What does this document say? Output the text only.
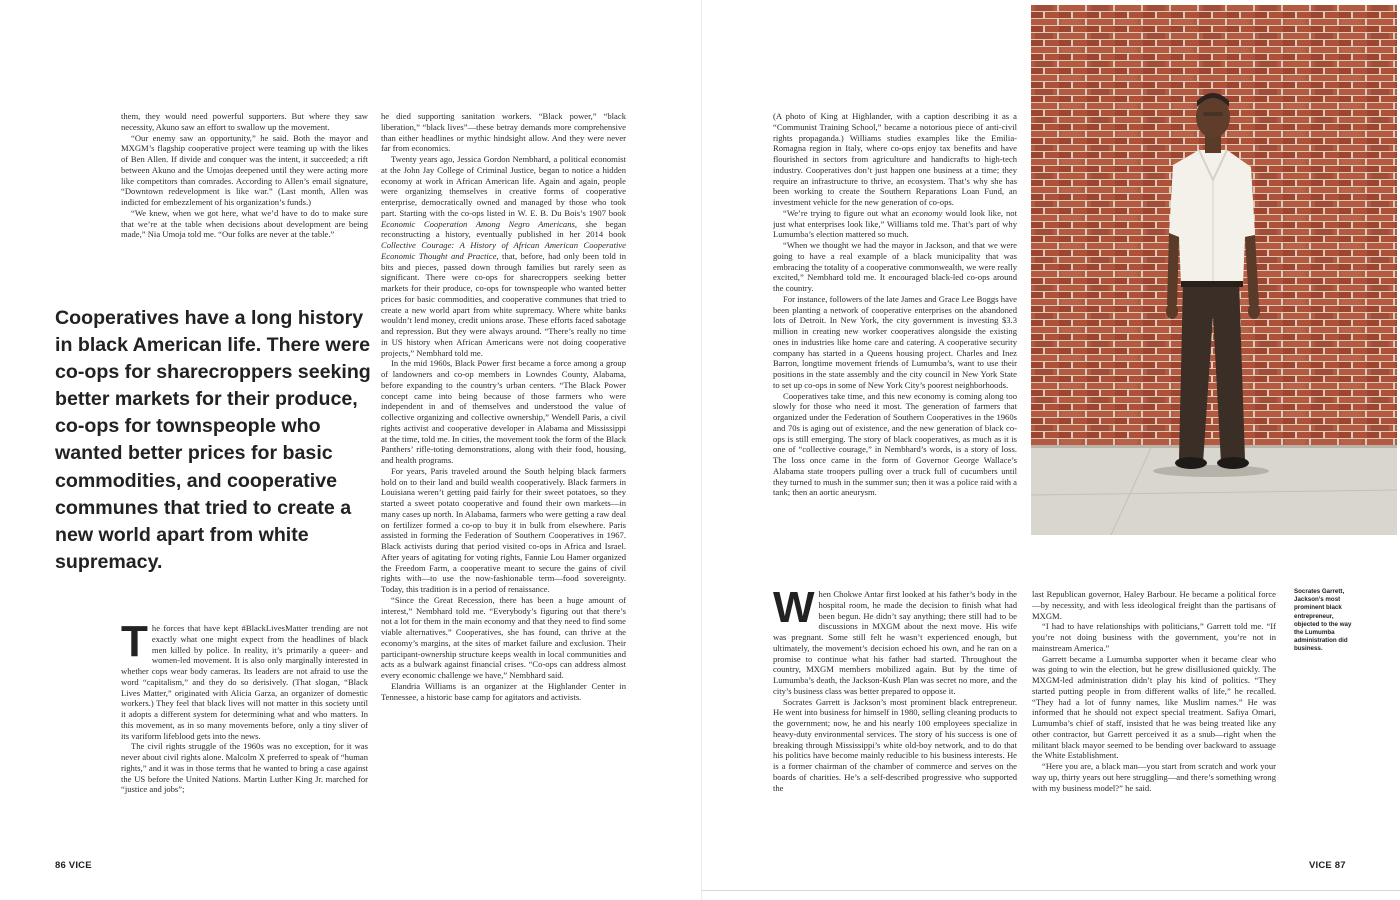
them, they would need powerful supporters. But where they saw necessity, Akuno saw an effort to swallow up the movement.

“Our enemy saw an opportunity,” he said. Both the mayor and MXGM’s flagship cooperative project were teaming up with the likes of Ben Allen. If divide and conquer was the intent, it succeeded; a rift between Akuno and the Umojas deepened until they were acting more like competitors than comrades. According to Allen’s email signature, “Downtown redevelopment is like war.” (Last month, Allen was indicted for embezzlement of his organization’s funds.)

“We knew, when we got here, what we’d have to do to make sure that we’re at the table when decisions about development are being made,” Nia Umoja told me. “Our folks are never at the table.”

Cooperatives have a long history in black American life. There were co-ops for sharecroppers seeking better markets for their produce, co-ops for townspeople who wanted better prices for basic commodities, and cooperative communes that tried to create a new world apart from white supremacy.

The forces that have kept #BlackLivesMatter trending are not exactly what one might expect from the headlines of black men killed by police. In reality, it’s primarily a queer- and women-led movement. It is also only marginally interested in whether cops wear body cameras. Its leaders are not afraid to use the word “capitalism,” and they do so derisively. (That slogan, “Black Lives Matter,” originated with Alicia Garza, an organizer of domestic workers.) They feel that black lives will not matter in this society until it adopts a different system for determining what and who matters. In this movement, as in so many movements before, only a tiny sliver of its variform lifeblood gets into the news.

The civil rights struggle of the 1960s was no exception, for it was never about civil rights alone. Malcolm X preferred to speak of “human rights,” and it was in those terms that he wanted to bring a case against the US before the United Nations. Martin Luther King Jr. marched for “justice and jobs”;

he died supporting sanitation workers. “Black power,” “black liberation,” “black lives”—these betray demands more comprehensive than either headlines or mythic hindsight allow. And they were never far from economics.

Twenty years ago, Jessica Gordon Nembhard, a political economist at the John Jay College of Criminal Justice, began to notice a hidden economy at work in African American life. Again and again, people were organizing themselves in creative forms of cooperative enterprise, democratically owned and managed by those who took part. Starting with the co-ops listed in W. E. B. Du Bois’s 1907 book Economic Cooperation Among Negro Americans, she began reconstructing a history, eventually published in her 2014 book Collective Courage: A History of African American Cooperative Economic Thought and Practice, that, before, had only been told in bits and pieces, passed down through families but rarely seen as significant. There were co-ops for sharecroppers seeking better markets for their produce, co-ops for townspeople who wanted better prices for basic commodities, and cooperative communes that tried to create a new world apart from white supremacy. Where white banks wouldn’t lend money, credit unions arose. These efforts faced sabotage and repression. But they were always around. “There’s really no time in US history when African Americans were not doing cooperative projects,” Nembhard told me.

In the mid 1960s, Black Power first became a force among a group of landowners and co-op members in Lowndes County, Alabama, before expanding to the country’s urban centers. “The Black Power concept came into being because of those farmers who were independent in and of themselves and understood the value of collective organizing and collective ownership,” Wendell Paris, a civil rights activist and cooperative developer in Alabama and Mississippi at the time, told me. In cities, the movement took the form of the Black Panthers’ rifle-toting demonstrations, along with their food, housing, and health programs.

For years, Paris traveled around the South helping black farmers hold on to their land and build wealth cooperatively. Black farmers in Louisiana weren’t getting paid fairly for their sweet potatoes, so they started a sweet potato cooperative and found their own markets—in many cases up north. In Alabama, farmers who were getting a raw deal on fertilizer formed a co-op to buy it in bulk from elsewhere. Paris assisted in forming the Federation of Southern Cooperatives in 1967. Black activists during that period visited co-ops in Africa and Israel. After years of agitating for voting rights, Fannie Lou Hamer organized the Freedom Farm, a cooperative meant to secure the gains of civil rights with—to use the now-fashionable term—food sovereignty. Today, this tradition is in a period of renaissance.

“Since the Great Recession, there has been a huge amount of interest,” Nembhard told me. “Everybody’s figuring out that there’s not a lot for them in the main economy and that they need to find some viable alternatives.” Cooperatives, she has found, can thrive at the economy’s margins, at the sites of market failure and exclusion. Their participant-ownership structure keeps wealth in local communities and acts as a bulwark against financial crises. “Co-ops can address almost every economic challenge we have,” Nembhard said.

Elandria Williams is an organizer at the Highlander Center in Tennessee, a historic base camp for agitators and activists.

86 VICE

(A photo of King at Highlander, with a caption describing it as a “Communist Training School,” became a notorious piece of anti-civil rights propaganda.) Williams studies examples like the Emilia-Romagna region in Italy, where co-ops enjoy tax benefits and have flourished in sectors from agriculture and handicrafts to high-tech industry. Cooperatives don’t just happen one business at a time; they require an infrastructure to thrive, an ecosystem. That’s why she has been working to create the Southern Reparations Loan Fund, an investment vehicle for the new generation of co-ops.

“We’re trying to figure out what an economy would look like, not just what enterprises look like,” Williams told me. That’s part of why Lumumba’s election mattered so much.

“When we thought we had the mayor in Jackson, and that we were going to have a real example of a black municipality that was embracing the totality of a cooperative commonwealth, we were really excited,” Nembhard told me. It encouraged black-led co-ops around the country.

For instance, followers of the late James and Grace Lee Boggs have been planting a network of cooperative enterprises on the abandoned lots of Detroit. In New York, the city government is investing $3.3 million in creating new worker cooperatives alongside the existing ones in industries like home care and catering. A cooperative security company has started in a Queens housing project. Charles and Inez Barron, longtime movement friends of Lumumba’s, want to use their positions in the state assembly and the city council in New York State to set up co-ops in some of New York City’s poorest neighborhoods.

Cooperatives take time, and this new economy is coming along too slowly for those who need it most. The generation of farmers that organized under the Federation of Southern Cooperatives in the 1960s and 70s is aging out of existence, and the new generation of black co-ops is still emerging. The story of black cooperatives, as much as it is one of “collective courage,” in Nembhard’s words, is a story of loss. The loss once came in the form of Governor George Wallace’s Alabama state troopers pulling over a truck full of cucumbers until they turned to mush in the summer sun; then it was a police raid with a tank; then an aortic aneurysm.

When Chokwe Antar first looked at his father’s body in the hospital room, he made the decision to finish what had been begun. He didn’t say anything; there still had to be discussions in MXGM about the next move. His wife was pregnant. Some still felt he wasn’t experienced enough, but ultimately, the movement’s decision echoed his own, and he ran on a promise to continue what his father had started. Throughout the country, MXGM members mobilized again. But by the time of Lumumba’s death, the Jackson-Kush Plan was secret no more, and the city’s business class was better prepared to oppose it.

Socrates Garrett is Jackson’s most prominent black entrepreneur. He went into business for himself in 1980, selling cleaning products to the government; now, he and his nearly 100 employees specialize in heavy-duty environmental services. The story of his success is one of breaking through Mississippi’s white old-boy network, and to do that his politics have become mainly reducible to his business interests. He is a former chairman of the chamber of commerce and serves on the boards of charities. He’s a self-described progressive who supported the

last Republican governor, Haley Barbour. He became a political force—by necessity, and with less ideological freight than the partisans of MXGM.

“I had to have relationships with politicians,” Garrett told me. “If you’re not doing business with the government, you’re not in mainstream America.”

Garrett became a Lumumba supporter when it became clear who was going to win the election, but he grew disillusioned quickly. The MXGM-led administration didn’t play his kind of politics. “They started putting people in from different walks of life,” he recalled. “They had a lot of funny names, like Muslim names.” He was informed that he should not expect special treatment. Safiya Omari, Lumumba’s chief of staff, insisted that he was being treated like any other contractor, but Garrett perceived it as a snub—right when the militant black mayor seemed to be bending over backward to assuage the White Establishment.

“Here you are, a black man—you start from scratch and work your way up, thirty years out here struggling—and there’s something wrong with my business model?” he said.

Socrates Garrett, Jackson’s most prominent black entrepreneur, objected to the way the Lumumba administration did business.

VICE 87
